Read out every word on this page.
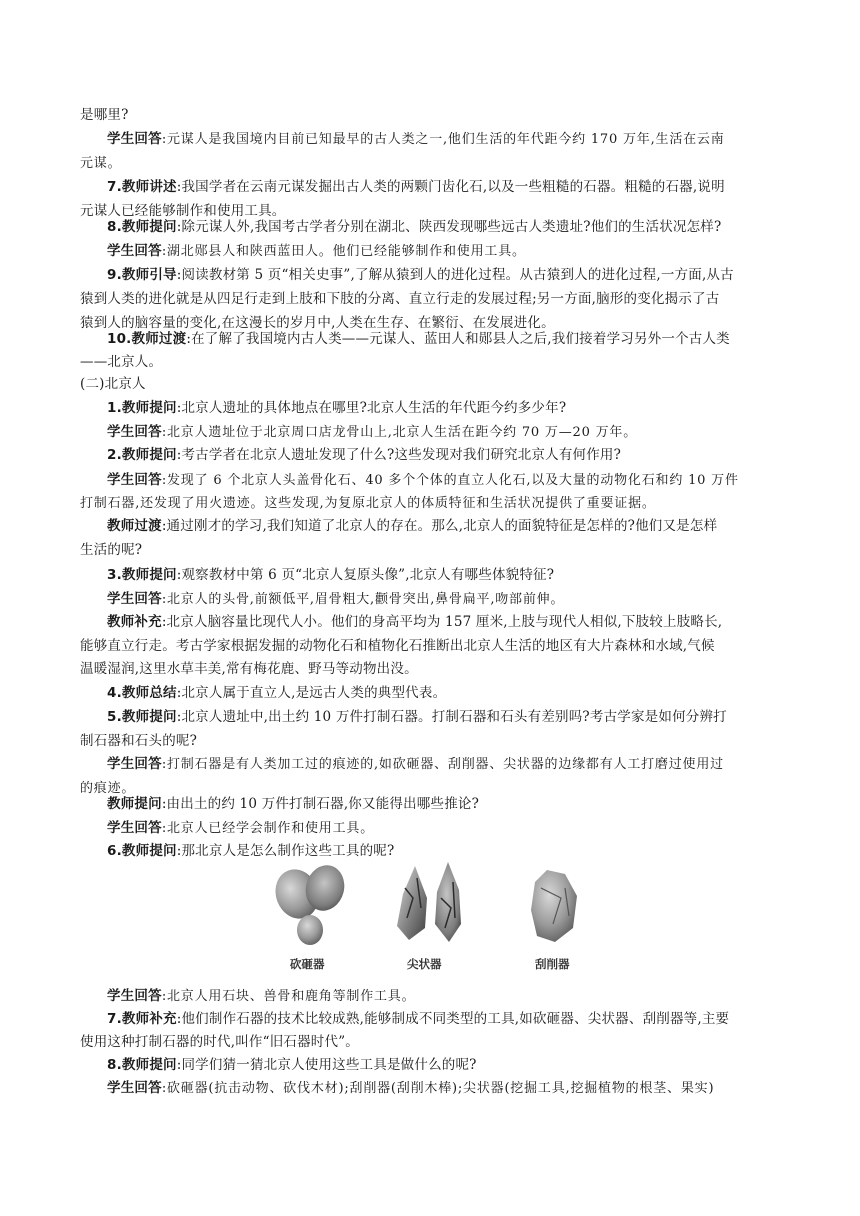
是哪里?
学生回答:元谋人是我国境内目前已知最早的古人类之一,他们生活的年代距今约 170 万年,生活在云南
元谋。
7.教师讲述:我国学者在云南元谋发掘出古人类的两颗门齿化石,以及一些粗糙的石器。粗糙的石器,说明
元谋人已经能够制作和使用工具。
8.教师提问:除元谋人外,我国考古学者分别在湖北、陕西发现哪些远古人类遗址?他们的生活状况怎样?
学生回答:湖北郧县人和陕西蓝田人。他们已经能够制作和使用工具。
9.教师引导:阅读教材第 5 页“相关史事”,了解从猿到人的进化过程。从古猿到人的进化过程,一方面,从古
猿到人类的进化就是从四足行走到上肢和下肢的分离、直立行走的发展过程;另一方面,脑形的变化揭示了古
猿到人的脑容量的变化,在这漫长的岁月中,人类在生存、在繁衍、在发展进化。
10.教师过渡:在了解了我国境内古人类——元谋人、蓝田人和郧县人之后,我们接着学习另外一个古人类
——北京人。
(二)北京人
1.教师提问:北京人遗址的具体地点在哪里?北京人生活的年代距今约多少年?
学生回答:北京人遗址位于北京周口店龙骨山上,北京人生活在距今约 70 万—20 万年。
2.教师提问:考古学者在北京人遗址发现了什么?这些发现对我们研究北京人有何作用?
学生回答:发现了 6 个北京人头盖骨化石、40 多个个体的直立人化石,以及大量的动物化石和约 10 万件
打制石器,还发现了用火遗迹。这些发现,为复原北京人的体质特征和生活状况提供了重要证据。
教师过渡:通过刚才的学习,我们知道了北京人的存在。那么,北京人的面貌特征是怎样的?他们又是怎样
生活的呢?
3.教师提问:观察教材中第 6 页“北京人复原头像”,北京人有哪些体貌特征?
学生回答:北京人的头骨,前额低平,眉骨粗大,颧骨突出,鼻骨扁平,吻部前伸。
教师补充:北京人脑容量比现代人小。他们的身高平均为 157 厘米,上肢与现代人相似,下肢较上肢略长,
能够直立行走。考古学家根据发掘的动物化石和植物化石推断出北京人生活的地区有大片森林和水域,气候
温暖湿润,这里水草丰美,常有梅花鹿、野马等动物出没。
4.教师总结:北京人属于直立人,是远古人类的典型代表。
5.教师提问:北京人遗址中,出土约 10 万件打制石器。打制石器和石头有差别吗?考古学家是如何分辨打
制石器和石头的呢?
学生回答:打制石器是有人类加工过的痕迹的,如砍砸器、刮削器、尖状器的边缘都有人工打磨过使用过
的痕迹。
教师提问:由出土的约 10 万件打制石器,你又能得出哪些推论?
学生回答:北京人已经学会制作和使用工具。
6.教师提问:那北京人是怎么制作这些工具的呢?
砍砸器	尖状器	刮削器
学生回答:北京人用石块、兽骨和鹿角等制作工具。
7.教师补充:他们制作石器的技术比较成熟,能够制成不同类型的工具,如砍砸器、尖状器、刮削器等,主要
使用这种打制石器的时代,叫作“旧石器时代”。
8.教师提问:同学们猜一猜北京人使用这些工具是做什么的呢?
学生回答:砍砸器(抗击动物、砍伐木材);刮削器(刮削木棒);尖状器(挖掘工具,挖掘植物的根茎、果实)
